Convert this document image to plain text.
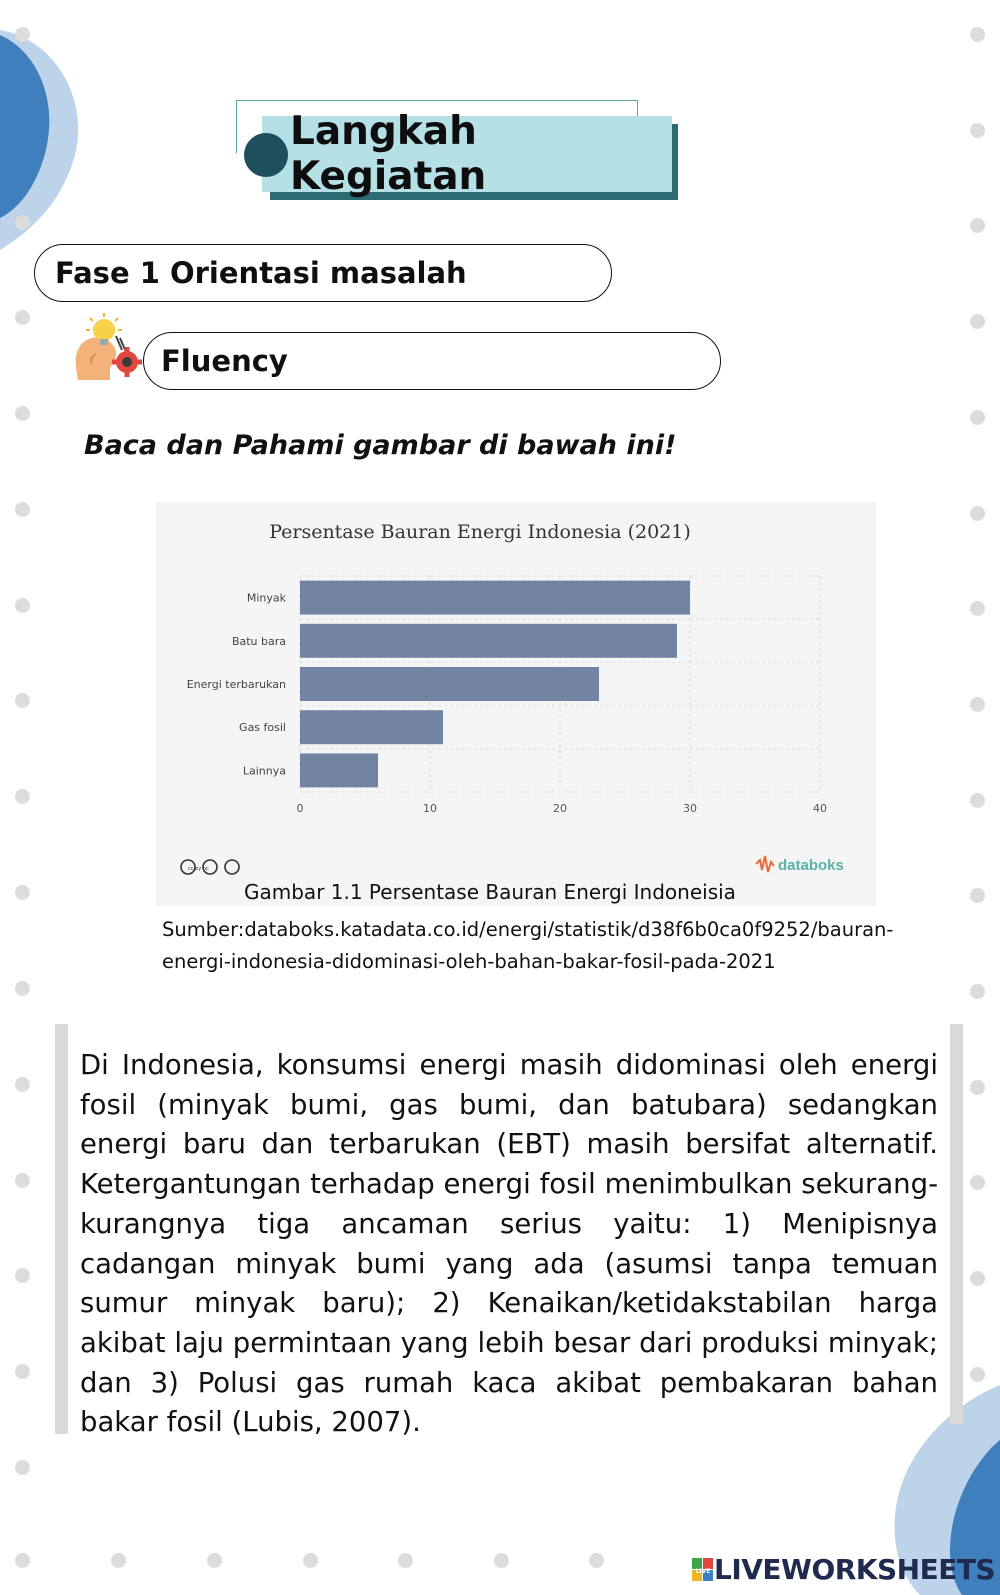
Langkah Kegiatan
Fase 1 Orientasi masalah
Fluency
Baca dan Pahami gambar di bawah ini!
0	10	20	30	40
Minyak
Batu bara
Energi terbarukan
Gas fosil
Lainnya
Persentase Bauran Energi Indonesia (2021)
cc by nc	databoks
Gambar 1.1 Persentase Bauran Energi Indoneisia
Sumber:databoks.katadata.co.id/energi/statistik/d38f6b0ca0f9252/bauran-energi-indonesia-didominasi-oleh-bahan-bakar-fosil-pada-2021
Di Indonesia, konsumsi energi masih didominasi oleh energi fosil (minyak bumi, gas bumi, dan batubara) sedangkan energi baru dan terbarukan (EBT) masih bersifat alternatif. Ketergantungan terhadap energi fosil menimbulkan sekurang-kurangnya tiga ancaman serius yaitu: 1) Menipisnya cadangan minyak bumi yang ada (asumsi tanpa temuan sumur minyak baru); 2) Kenaikan/ketidakstabilan harga akibat laju permintaan yang lebih besar dari produksi minyak; dan 3) Polusi gas rumah kaca akibat pembakaran bahan bakar fosil (Lubis, 2007).
LIVE LIVEWORKSHEETS
